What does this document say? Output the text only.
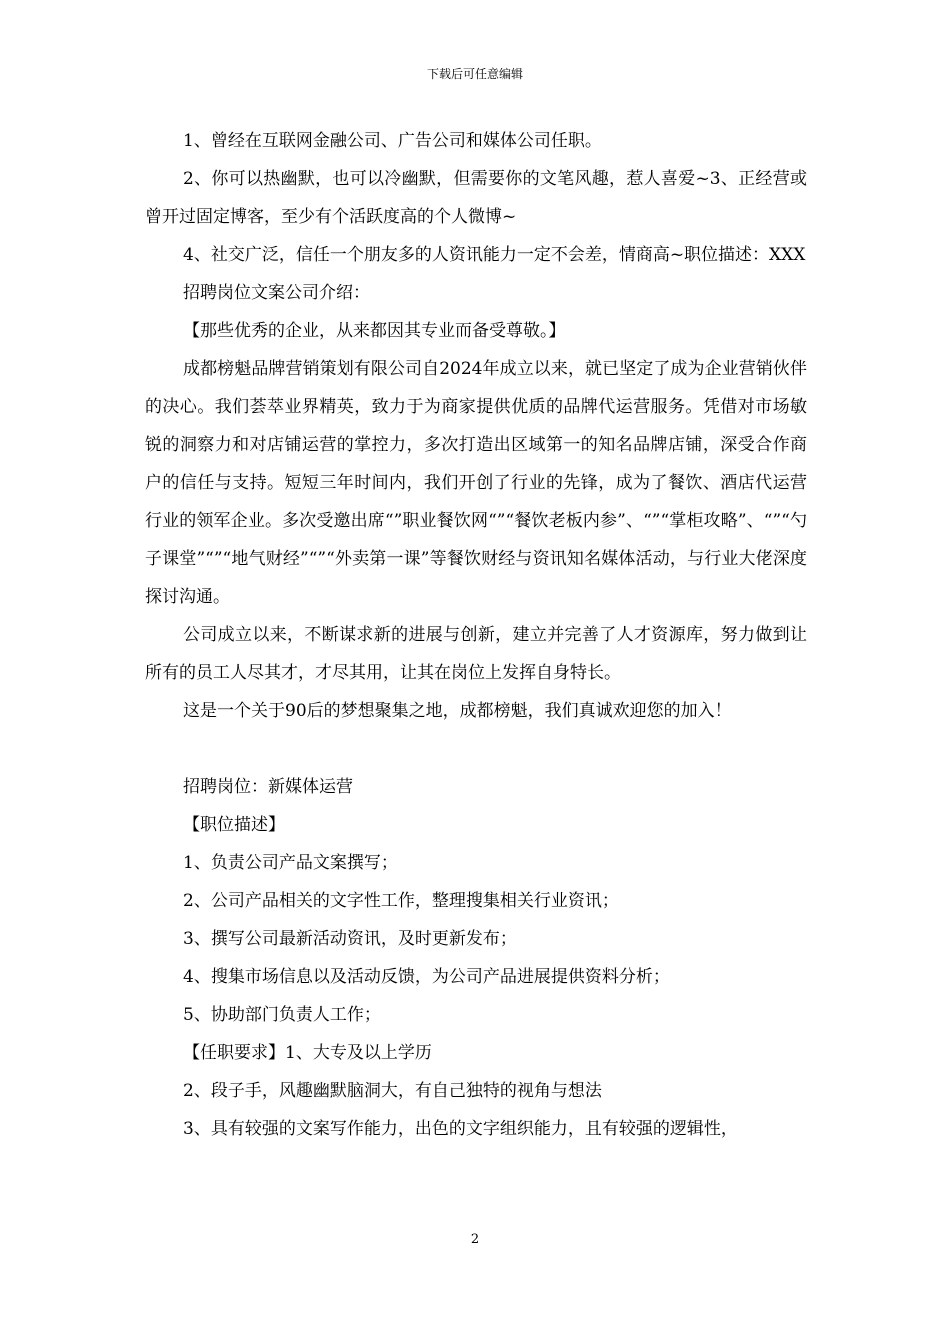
下载后可任意编辑

1、曾经在互联网金融公司、广告公司和媒体公司任职。

2、你可以热幽默，也可以冷幽默，但需要你的文笔风趣，惹人喜爱~3、正经营或曾开过固定博客，至少有个活跃度高的个人微博~

4、社交广泛，信任一个朋友多的人资讯能力一定不会差，情商高~职位描述：XXX

招聘岗位文案公司介绍：

【那些优秀的企业，从来都因其专业而备受尊敬。】

成都榜魁品牌营销策划有限公司自2024年成立以来，就已坚定了成为企业营销伙伴的决心。我们荟萃业界精英，致力于为商家提供优质的品牌代运营服务。凭借对市场敏锐的洞察力和对店铺运营的掌控力，多次打造出区域第一的知名品牌店铺，深受合作商户的信任与支持。短短三年时间内，我们开创了行业的先锋，成为了餐饮、酒店代运营行业的领军企业。多次受邀出席“”职业餐饮网“”“餐饮老板内参”、“”“掌柜攻略”、“”“勺子课堂”“”“地气财经”“”“外卖第一课”等餐饮财经与资讯知名媒体活动，与行业大佬深度探讨沟通。

公司成立以来，不断谋求新的进展与创新，建立并完善了人才资源库，努力做到让所有的员工人尽其才，才尽其用，让其在岗位上发挥自身特长。

这是一个关于90后的梦想聚集之地，成都榜魁，我们真诚欢迎您的加入！

招聘岗位：新媒体运营

【职位描述】

1、负责公司产品文案撰写；

2、公司产品相关的文字性工作，整理搜集相关行业资讯；

3、撰写公司最新活动资讯，及时更新发布；

4、搜集市场信息以及活动反馈，为公司产品进展提供资料分析；

5、协助部门负责人工作；

【任职要求】1、大专及以上学历

2、段子手，风趣幽默脑洞大，有自己独特的视角与想法

3、具有较强的文案写作能力，出色的文字组织能力，且有较强的逻辑性，

2
